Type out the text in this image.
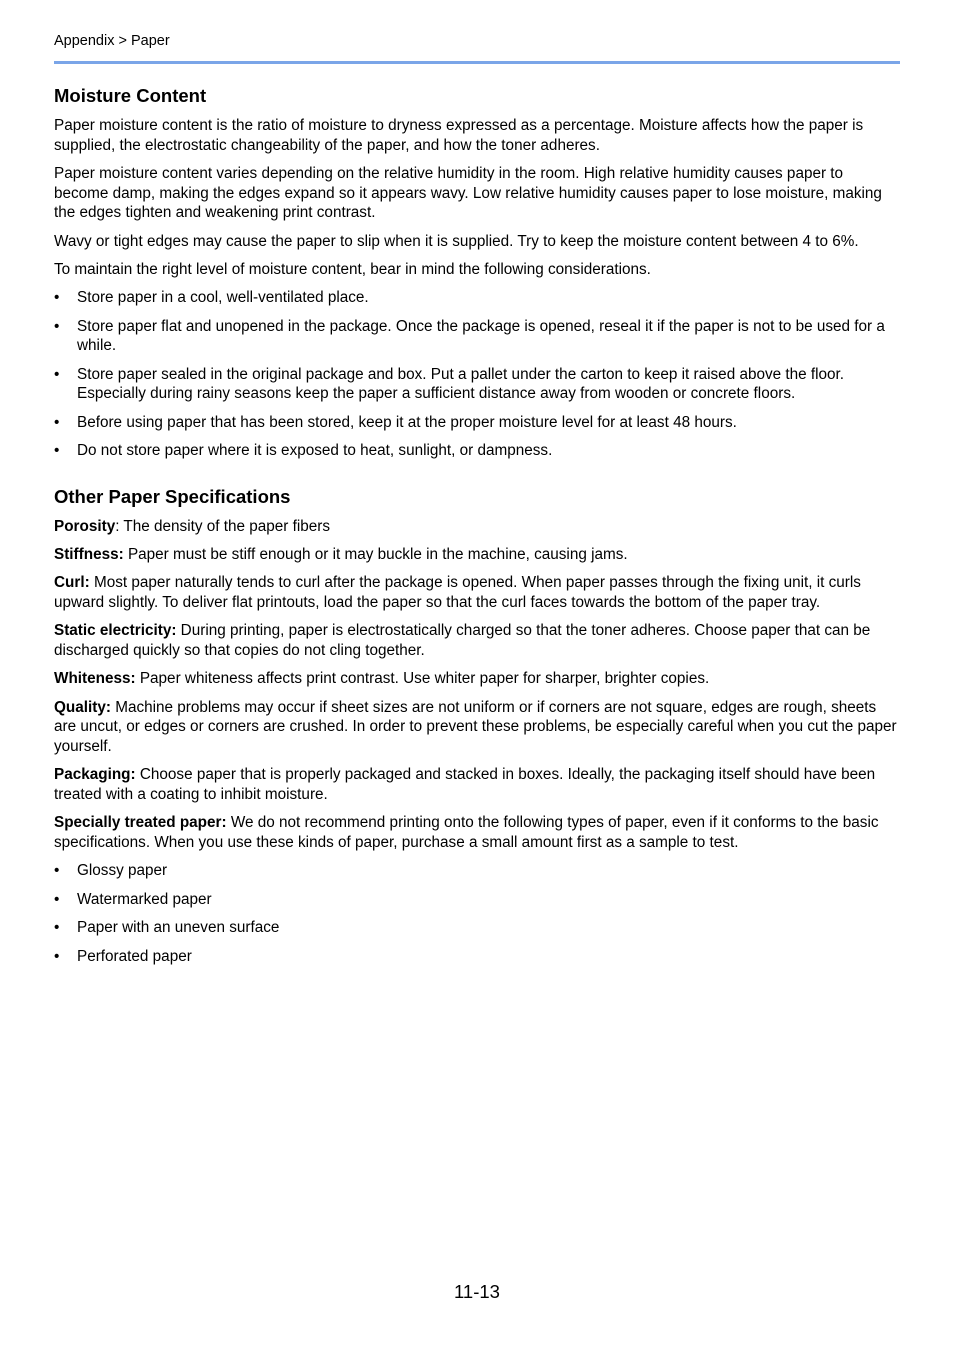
Appendix > Paper
Moisture Content

Paper moisture content is the ratio of moisture to dryness expressed as a percentage. Moisture affects how the paper is supplied, the electrostatic changeability of the paper, and how the toner adheres.

Paper moisture content varies depending on the relative humidity in the room. High relative humidity causes paper to become damp, making the edges expand so it appears wavy. Low relative humidity causes paper to lose moisture, making the edges tighten and weakening print contrast.

Wavy or tight edges may cause the paper to slip when it is supplied. Try to keep the moisture content between 4 to 6%.

To maintain the right level of moisture content, bear in mind the following considerations.

• Store paper in a cool, well-ventilated place.
• Store paper flat and unopened in the package. Once the package is opened, reseal it if the paper is not to be used for a while.
• Store paper sealed in the original package and box. Put a pallet under the carton to keep it raised above the floor. Especially during rainy seasons keep the paper a sufficient distance away from wooden or concrete floors.
• Before using paper that has been stored, keep it at the proper moisture level for at least 48 hours.
• Do not store paper where it is exposed to heat, sunlight, or dampness.
Other Paper Specifications

Porosity: The density of the paper fibers

Stiffness: Paper must be stiff enough or it may buckle in the machine, causing jams.

Curl: Most paper naturally tends to curl after the package is opened. When paper passes through the fixing unit, it curls upward slightly. To deliver flat printouts, load the paper so that the curl faces towards the bottom of the paper tray.

Static electricity: During printing, paper is electrostatically charged so that the toner adheres. Choose paper that can be discharged quickly so that copies do not cling together.

Whiteness: Paper whiteness affects print contrast. Use whiter paper for sharper, brighter copies.

Quality: Machine problems may occur if sheet sizes are not uniform or if corners are not square, edges are rough, sheets are uncut, or edges or corners are crushed. In order to prevent these problems, be especially careful when you cut the paper yourself.

Packaging: Choose paper that is properly packaged and stacked in boxes. Ideally, the packaging itself should have been treated with a coating to inhibit moisture.

Specially treated paper: We do not recommend printing onto the following types of paper, even if it conforms to the basic specifications. When you use these kinds of paper, purchase a small amount first as a sample to test.

• Glossy paper
• Watermarked paper
• Paper with an uneven surface
• Perforated paper
11-13
